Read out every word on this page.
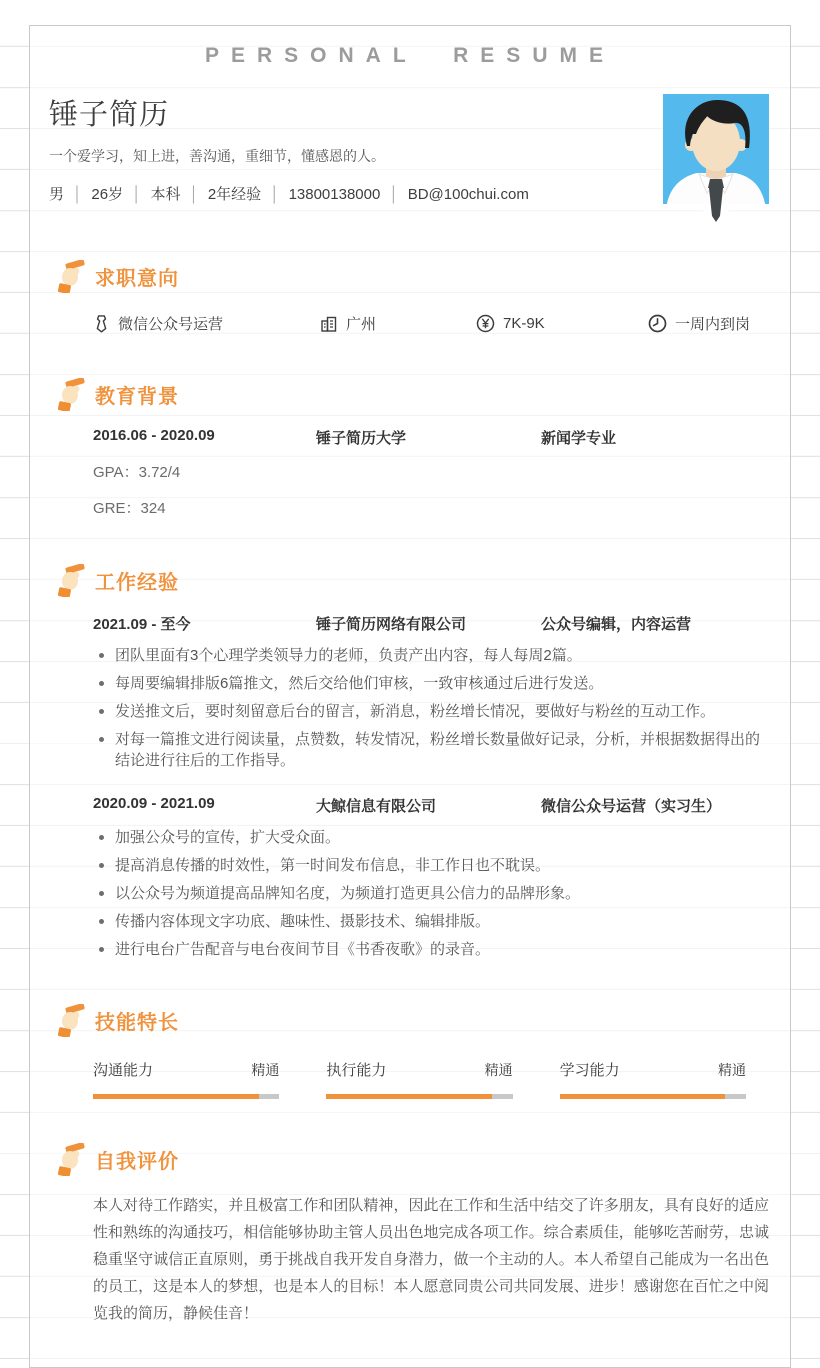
PERSONAL RESUME
锤子简历
一个爱学习，知上进，善沟通，重细节，懂感恩的人。
男 │ 26岁 │ 本科 │ 2年经验 │ 13800138000 │ BD@100chui.com
求职意向
微信公众号运营	广州	7K-9K	一周内到岗
教育背景
2016.06 - 2020.09	锤子简历大学	新闻学专业
GPA：3.72/4
GRE：324
工作经验
2021.09 - 至今	锤子简历网络有限公司	公众号编辑，内容运营
团队里面有3个心理学类领导力的老师，负责产出内容，每人每周2篇。
每周要编辑排版6篇推文，然后交给他们审核，一致审核通过后进行发送。
发送推文后，要时刻留意后台的留言，新消息，粉丝增长情况，要做好与粉丝的互动工作。
对每一篇推文进行阅读量，点赞数，转发情况，粉丝增长数量做好记录，分析，并根据数据得出的结论进行往后的工作指导。
2020.09 - 2021.09	大鲸信息有限公司	微信公众号运营（实习生）
加强公众号的宣传，扩大受众面。
提高消息传播的时效性，第一时间发布信息，非工作日也不耽误。
以公众号为频道提高品牌知名度，为频道打造更具公信力的品牌形象。
传播内容体现文字功底、趣味性、摄影技术、编辑排版。
进行电台广告配音与电台夜间节目《书香夜歌》的录音。
技能特长
沟通能力	精通	执行能力	精通	学习能力	精通
自我评价
本人对待工作踏实，并且极富工作和团队精神，因此在工作和生活中结交了许多朋友，具有良好的适应性和熟练的沟通技巧，相信能够协助主管人员出色地完成各项工作。综合素质佳，能够吃苦耐劳，忠诚稳重坚守诚信正直原则，勇于挑战自我开发自身潜力，做一个主动的人。本人希望自己能成为一名出色的员工，这是本人的梦想，也是本人的目标！本人愿意同贵公司共同发展、进步！感谢您在百忙之中阅览我的简历，静候佳音！
